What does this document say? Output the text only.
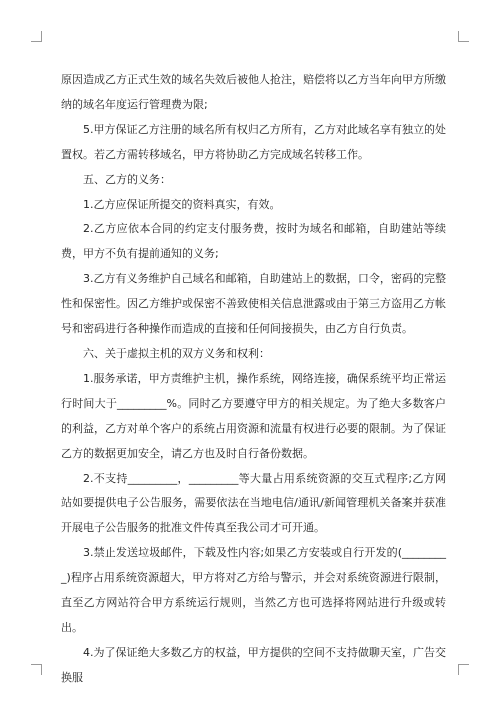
原因造成乙方正式生效的域名失效后被他人抢注，赔偿将以乙方当年向甲方所缴纳的域名年度运行管理费为限;

5.甲方保证乙方注册的域名所有权归乙方所有，乙方对此域名享有独立的处置权。若乙方需转移域名，甲方将协助乙方完成域名转移工作。

五、乙方的义务：

1.乙方应保证所提交的资料真实，有效。

2.乙方应依本合同的约定支付服务费，按时为域名和邮箱，自助建站等续费，甲方不负有提前通知的义务;

3.乙方有义务维护自己域名和邮箱，自助建站上的数据，口令，密码的完整性和保密性。因乙方维护或保密不善致使相关信息泄露或由于第三方盗用乙方帐号和密码进行各种操作而造成的直接和任何间接损失，由乙方自行负责。

六、关于虚拟主机的双方义务和权利：

1.服务承诺，甲方责维护主机，操作系统，网络连接，确保系统平均正常运行时间大于_________%。同时乙方要遵守甲方的相关规定。为了绝大多数客户的利益，乙方对单个客户的系统占用资源和流量有权进行必要的限制。为了保证乙方的数据更加安全，请乙方也及时自行备份数据。

2.不支持_________，_________等大量占用系统资源的交互式程序;乙方网站如要提供电子公告服务，需要依法在当地电信/通讯/新闻管理机关备案并获准开展电子公告服务的批准文件传真至我公司才可开通。

3.禁止发送垃圾邮件，下载及性内容;如果乙方安装或自行开发的(_________)程序占用系统资源超大，甲方将对乙方给与警示，并会对系统资源进行限制，直至乙方网站符合甲方系统运行规则，当然乙方也可选择将网站进行升级或转出。

4.为了保证绝大多数乙方的权益，甲方提供的空间不支持做聊天室，广告交换服
